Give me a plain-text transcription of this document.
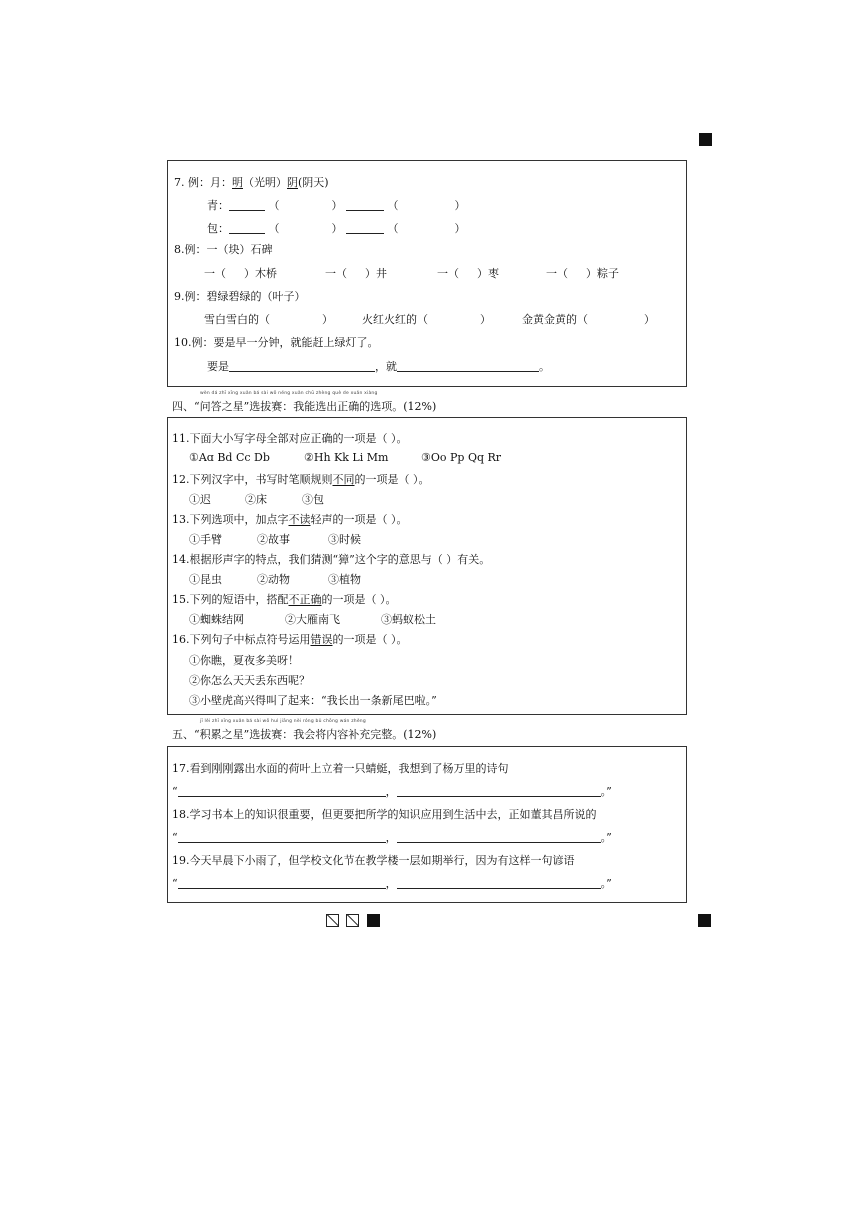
7. 例：月：明（光明）阴(阴天)
青：	（	）	（	）
包：	（	）	（	）
8.例：一（块）石碑
一（ ）木桥	一（ ）井	一（ ）枣	一（ ）粽子
9.例：碧绿碧绿的（叶子）
雪白雪白的（	）	火红火红的（	）	金黄金黄的（	）
10.例：要是早一分钟，就能赶上绿灯了。
要是	，就	。
wèn dá zhī xīng xuǎn bá sài wǒ néng xuǎn chū zhèng què de xuǎn xiàng
四、“问答之星”选拔赛：我能选出正确的选项。(12%)
11.下面大小写字母全部对应正确的一项是（ ）。
①Aɑ Bd Cc Db	②Hh Kk Li Mm	③Oo Pp Qq Rr
12.下列汉字中，书写时笔顺规则不同的一项是（ ）。
①迟	②床	③包
13.下列选项中，加点字不读轻声的一项是（ ）。
①手臂	②故事	③时候
14.根据形声字的特点，我们猜测“獐”这个字的意思与（ ）有关。
①昆虫	②动物	③植物
15.下列的短语中，搭配不正确的一项是（ ）。
①蜘蛛结网	②大雁南飞	③蚂蚁松土
16.下列句子中标点符号运用错误的一项是（ ）。
①你瞧，夏夜多美呀！
②你怎么天天丢东西呢？
③小壁虎高兴得叫了起来：“我长出一条新尾巴啦。”
jī lěi zhī xīng xuǎn bá sài wǒ huì jiāng nèi róng bǔ chōng wán zhěng
五、“积累之星”选拔赛：我会将内容补充完整。(12%)
17.看到刚刚露出水面的荷叶上立着一只蜻蜓，我想到了杨万里的诗句
“	，	。”
18.学习书本上的知识很重要，但更要把所学的知识应用到生活中去，正如董其昌所说的
“	，	。”
19.今天早晨下小雨了，但学校文化节在教学楼一层如期举行，因为有这样一句谚语
“	，	。”
